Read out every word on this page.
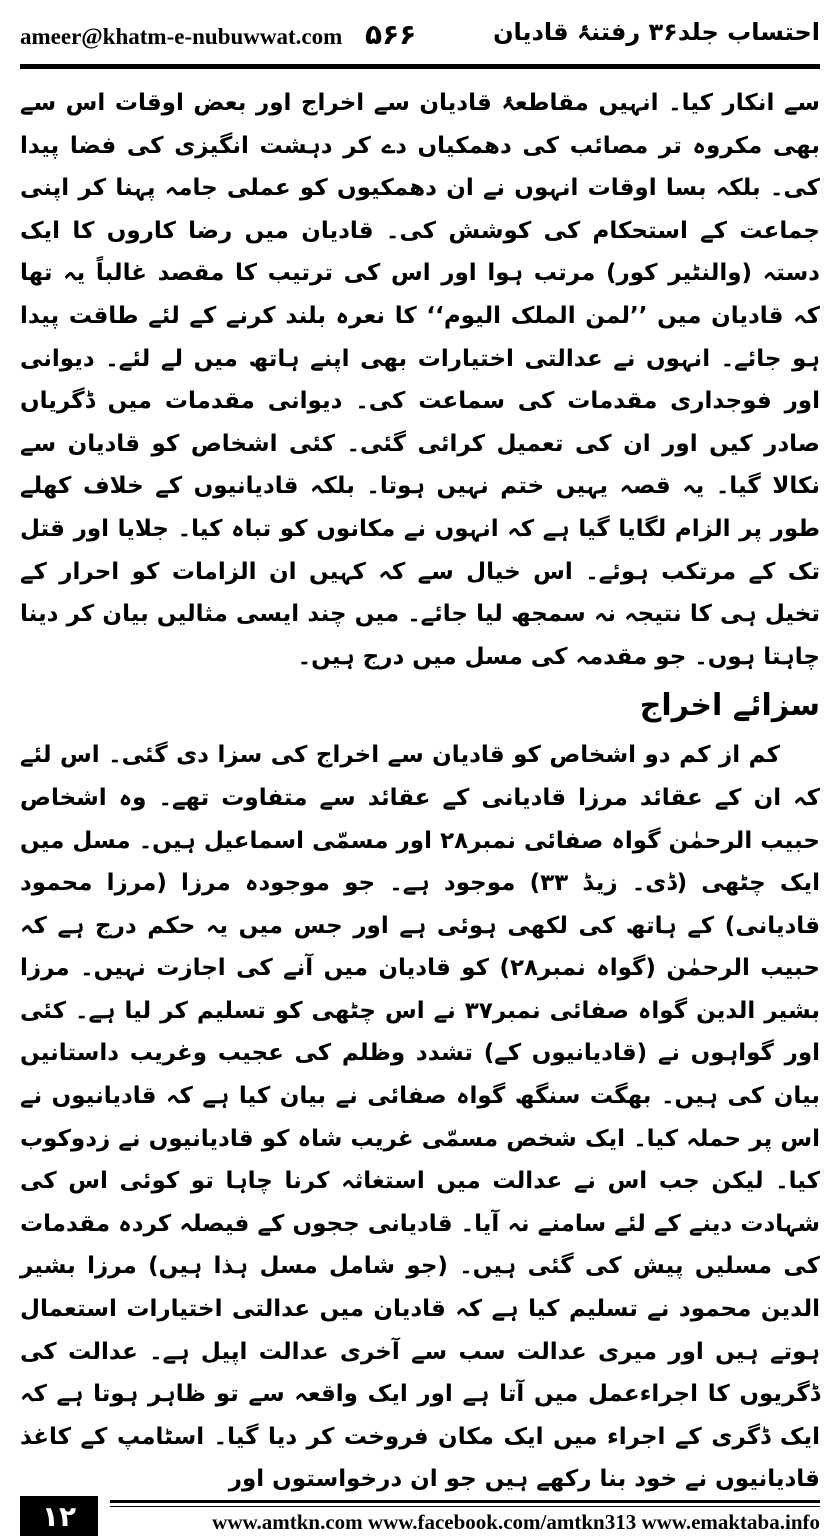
ameer@khatm-e-nubuwwat.com ۵۶۶	احتساب جلد۳۶ رفتنۂ قادیان

سے انکار کیا۔ انہیں مقاطعۂ قادیان سے اخراج اور بعض اوقات اس سے بھی مکروہ تر مصائب کی دھمکیاں دے کر دہشت انگیزی کی فضا پیدا کی۔ بلکہ بسا اوقات انہوں نے ان دھمکیوں کو عملی جامہ پہنا کر اپنی جماعت کے استحکام کی کوشش کی۔ قادیان میں رضا کاروں کا ایک دستہ (والنٹیر کور) مرتب ہوا اور اس کی ترتیب کا مقصد غالباً یہ تھا کہ قادیان میں ’’لمن الملک الیوم‘‘ کا نعرہ بلند کرنے کے لئے طاقت پیدا ہو جائے۔ انہوں نے عدالتی اختیارات بھی اپنے ہاتھ میں لے لئے۔ دیوانی اور فوجداری مقدمات کی سماعت کی۔ دیوانی مقدمات میں ڈگریاں صادر کیں اور ان کی تعمیل کرائی گئی۔ کئی اشخاص کو قادیان سے نکالا گیا۔ یہ قصہ یہیں ختم نہیں ہوتا۔ بلکہ قادیانیوں کے خلاف کھلے طور پر الزام لگایا گیا ہے کہ انہوں نے مکانوں کو تباہ کیا۔ جلایا اور قتل تک کے مرتکب ہوئے۔ اس خیال سے کہ کہیں ان الزامات کو احرار کے تخیل ہی کا نتیجہ نہ سمجھ لیا جائے۔ میں چند ایسی مثالیں بیان کر دینا چاہتا ہوں۔ جو مقدمہ کی مسل میں درج ہیں۔

سزائے اخراج

کم از کم دو اشخاص کو قادیان سے اخراج کی سزا دی گئی۔ اس لئے کہ ان کے عقائد مرزا قادیانی کے عقائد سے متفاوت تھے۔ وہ اشخاص حبیب الرحمٰن گواہ صفائی نمبر۲۸ اور مسمّی اسماعیل ہیں۔ مسل میں ایک چٹھی (ڈی۔ زیڈ ۳۳) موجود ہے۔ جو موجودہ مرزا (مرزا محمود قادیانی) کے ہاتھ کی لکھی ہوئی ہے اور جس میں یہ حکم درج ہے کہ حبیب الرحمٰن (گواہ نمبر۲۸) کو قادیان میں آنے کی اجازت نہیں۔ مرزا بشیر الدین گواہ صفائی نمبر۳۷ نے اس چٹھی کو تسلیم کر لیا ہے۔ کئی اور گواہوں نے (قادیانیوں کے) تشدد وظلم کی عجیب وغریب داستانیں بیان کی ہیں۔ بھگت سنگھ گواہ صفائی نے بیان کیا ہے کہ قادیانیوں نے اس پر حملہ کیا۔ ایک شخص مسمّی غریب شاہ کو قادیانیوں نے زدوکوب کیا۔ لیکن جب اس نے عدالت میں استغاثہ کرنا چاہا تو کوئی اس کی شہادت دینے کے لئے سامنے نہ آیا۔ قادیانی ججوں کے فیصلہ کردہ مقدمات کی مسلیں پیش کی گئی ہیں۔ (جو شامل مسل ہذا ہیں) مرزا بشیر الدین محمود نے تسلیم کیا ہے کہ قادیان میں عدالتی اختیارات استعمال ہوتے ہیں اور میری عدالت سب سے آخری عدالت اپیل ہے۔ عدالت کی ڈگریوں کا اجراءعمل میں آتا ہے اور ایک واقعہ سے تو ظاہر ہوتا ہے کہ ایک ڈگری کے اجراء میں ایک مکان فروخت کر دیا گیا۔ اسٹامپ کے کاغذ قادیانیوں نے خود بنا رکھے ہیں جو ان درخواستوں اور

۱۲	www.amtkn.com www.facebook.com/amtkn313 www.emaktaba.info
